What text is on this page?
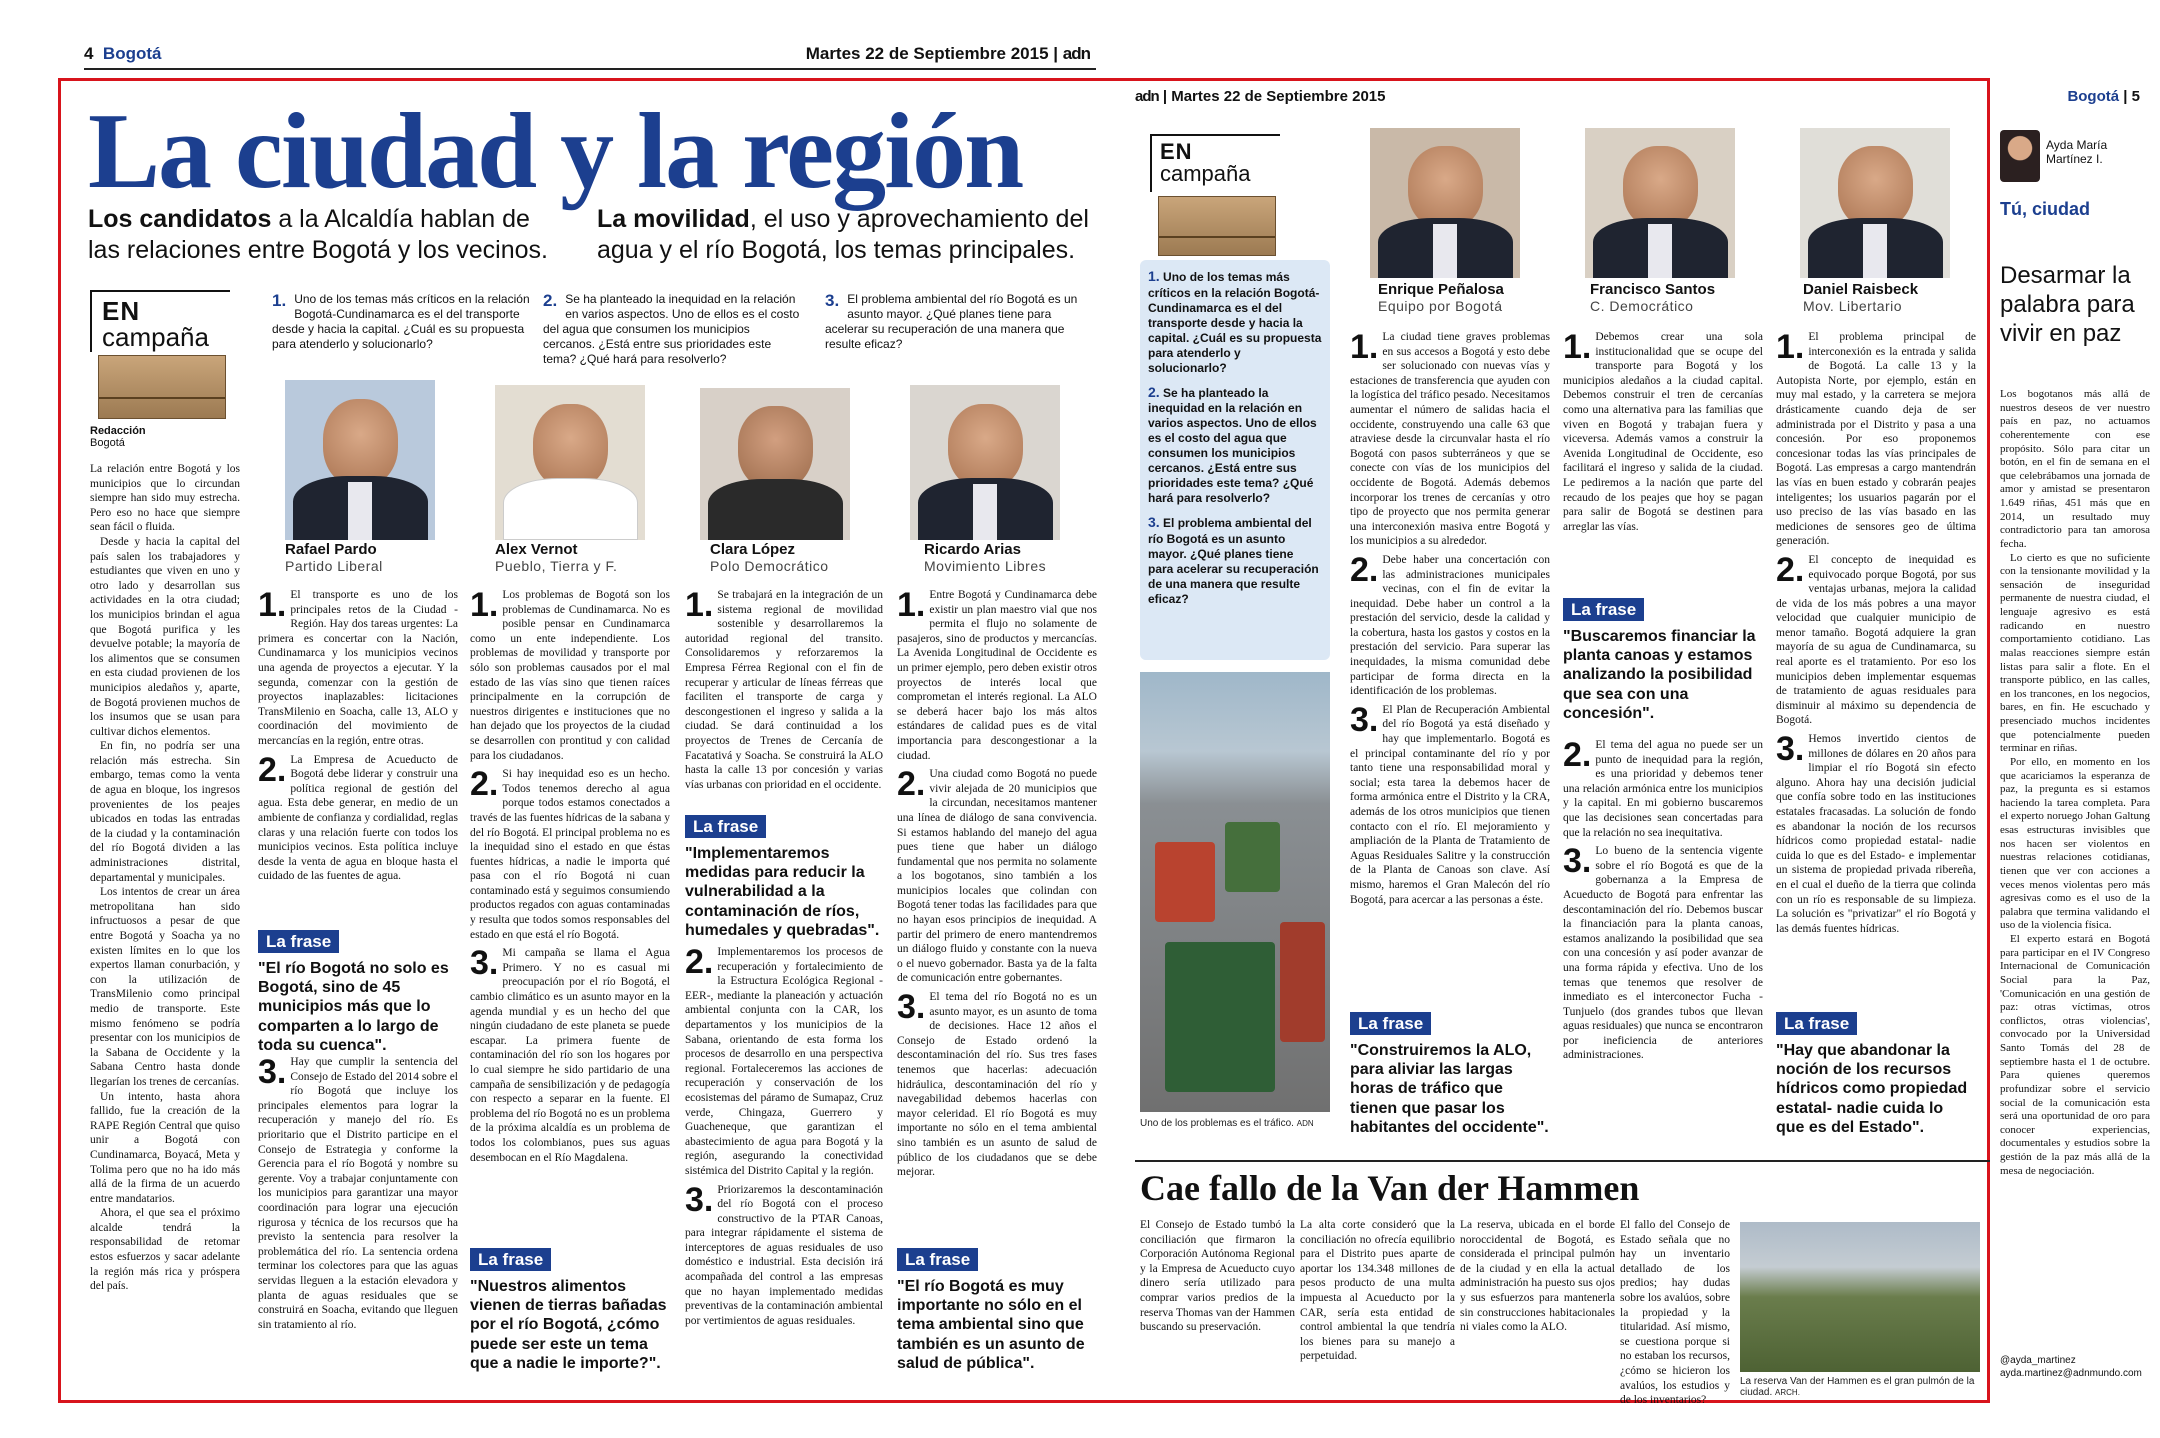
4 Bogotá	Martes 22 de Septiembre 2015 | adn
adn | Martes 22 de Septiembre 2015	Bogotá | 5
La ciudad y la región
Los candidatos a la Alcaldía hablan de las relaciones entre Bogotá y los vecinos.
La movilidad, el uso y aprovechamiento del agua y el río Bogotá, los temas principales.
EN
campaña
Redacción
Bogotá
1. Uno de los temas más críticos en la relación Bogotá-Cundinamarca es el del transporte desde y hacia la capital. ¿Cuál es su propuesta para atenderlo y solucionarlo?
2. Se ha planteado la inequidad en la relación en varios aspectos. Uno de ellos es el costo del agua que consumen los municipios cercanos. ¿Está entre sus prioridades este tema? ¿Qué hará para resolverlo?
3. El problema ambiental del río Bogotá es un asunto mayor. ¿Qué planes tiene para acelerar su recuperación de una manera que resulte eficaz?
Rafael Pardo
Partido Liberal
Alex Vernot
Pueblo, Tierra y F.
Clara López
Polo Democrático
Ricardo Arias
Movimiento Libres

La relación entre Bogotá y los municipios que lo circundan siempre han sido muy estrecha. Pero eso no hace que siempre sean fácil o fluida.

Desde y hacia la capital del país salen los trabajadores y estudiantes que viven en uno y otro lado y desarrollan sus actividades en la otra ciudad; los municipios brindan el agua que Bogotá purifica y les devuelve potable; la mayoría de los alimentos que se consumen en esta ciudad provienen de los municipios aledaños y, aparte, de Bogotá provienen muchos de los insumos que se usan para cultivar dichos elementos.

En fin, no podría ser una relación más estrecha. Sin embargo, temas como la venta de agua en bloque, los ingresos provenientes de los peajes ubicados en todas las entradas de la ciudad y la contaminación del río Bogotá dividen a las administraciones distrital, departamental y municipales.

Los intentos de crear un área metropolitana han sido infructuosos a pesar de que entre Bogotá y Soacha ya no existen límites en lo que los expertos llaman conurbación, y con la utilización de TransMilenio como principal medio de transporte. Este mismo fenómeno se podría presentar con los municipios de la Sabana de Occidente y la Sabana Centro hasta donde llegarían los trenes de cercanías.

Un intento, hasta ahora fallido, fue la creación de la RAPE Región Central que quiso unir a Bogotá con Cundinamarca, Boyacá, Meta y Tolima pero que no ha ido más allá de la firma de un acuerdo entre mandatarios.

Ahora, el que sea el próximo alcalde tendrá la responsabilidad de retomar estos esfuerzos y sacar adelante la región más rica y próspera del país.

1. El transporte es uno de los principales retos de la Ciudad - Región. Hay dos tareas urgentes: La primera es concertar con la Nación, Cundinamarca y los municipios vecinos una agenda de proyectos a ejecutar. Y la segunda, comenzar con la gestión de proyectos inaplazables: licitaciones TransMilenio en Soacha, calle 13, ALO y coordinación del movimiento de mercancías en la región, entre otras.

2. La Empresa de Acueducto de Bogotá debe liderar y construir una política regional de gestión del agua. Esta debe generar, en medio de un ambiente de confianza y cordialidad, reglas claras y una relación fuerte con todos los municipios vecinos. Esta política incluye desde la venta de agua en bloque hasta el cuidado de las fuentes de agua.

La frase
"El río Bogotá no solo es Bogotá, sino de 45 municipios más que lo comparten a lo largo de toda su cuenca".

3. Hay que cumplir la sentencia del Consejo de Estado del 2014 sobre el río Bogotá que incluye los principales elementos para lograr la recuperación y manejo del río. Es prioritario que el Distrito participe en el Consejo de Estrategia y conforme la Gerencia para el río Bogotá y nombre su gerente. Voy a trabajar conjuntamente con los municipios para garantizar una mayor coordinación para lograr una ejecución rigurosa y técnica de los recursos que ha previsto la sentencia para resolver la problemática del río. La sentencia ordena terminar los colectores para que las aguas servidas lleguen a la estación elevadora y planta de aguas residuales que se construirá en Soacha, evitando que lleguen sin tratamiento al río.

1. Los problemas de Bogotá son los problemas de Cundinamarca. No es posible pensar en Cundinamarca como un ente independiente. Los problemas de movilidad y transporte por sólo son problemas causados por el mal estado de las vías sino que tienen raíces principalmente en la corrupción de nuestros dirigentes e instituciones que no han dejado que los proyectos de la ciudad se desarrollen con prontitud y con calidad para los ciudadanos.

2. Si hay inequidad eso es un hecho. Todos tenemos derecho al agua porque todos estamos conectados a través de las fuentes hídricas de la sabana y del río Bogotá. El principal problema no es la inequidad sino el estado en que éstas fuentes hídricas, a nadie le importa qué pasa con el río Bogotá ni cuan contaminado está y seguimos consumiendo productos regados con aguas contaminadas y resulta que todos somos responsables del estado en que está el río Bogotá.

3. Mi campaña se llama el Agua Primero. Y no es casual mi preocupación por el río Bogotá, el cambio climático es un asunto mayor en la agenda mundial y es un hecho del que ningún ciudadano de este planeta se puede escapar. La primera fuente de contaminación del río son los hogares por lo cual siempre he sido partidario de una campaña de sensibilización y de pedagogía con respecto a separar en la fuente. El problema del río Bogotá no es un problema de la próxima alcaldía es un problema de todos los colombianos, pues sus aguas desembocan en el Río Magdalena.

La frase
"Nuestros alimentos vienen de tierras bañadas por el río Bogotá, ¿cómo puede ser este un tema que a nadie le importe?".

1. Se trabajará en la integración de un sistema regional de movilidad sostenible y desarrollaremos la autoridad regional del transito. Consolidaremos y reforzaremos la Empresa Férrea Regional con el fin de recuperar y articular de líneas férreas que faciliten el transporte de carga y descongestionen el ingreso y salida a la ciudad. Se dará continuidad a los proyectos de Trenes de Cercanía de Facatativá y Soacha. Se construirá la ALO hasta la calle 13 por concesión y varias vías urbanas con prioridad en el occidente.

La frase
"Implementaremos medidas para reducir la vulnerabilidad a la contaminación de ríos, humedales y quebradas".

2. Implementaremos los procesos de recuperación y fortalecimiento de la Estructura Ecológica Regional -EER-, mediante la planeación y actuación ambiental conjunta con la CAR, los departamentos y los municipios de la Sabana, orientando de esta forma los procesos de desarrollo en una perspectiva regional. Fortaleceremos las acciones de recuperación y conservación de los ecosistemas del páramo de Sumapaz, Cruz verde, Chingaza, Guerrero y Guacheneque, que garantizan el abastecimiento de agua para Bogotá y la región, asegurando la conectividad sistémica del Distrito Capital y la región.

3. Priorizaremos la descontaminación del río Bogotá con el proceso constructivo de la PTAR Canoas, para integrar rápidamente el sistema de interceptores de aguas residuales de uso doméstico e industrial. Esta decisión irá acompañada del control a las empresas que no hayan implementado medidas preventivas de la contaminación ambiental por vertimientos de aguas residuales.

1. Entre Bogotá y Cundinamarca debe existir un plan maestro vial que nos permita el flujo no solamente de pasajeros, sino de productos y mercancías. La Avenida Longitudinal de Occidente es un primer ejemplo, pero deben existir otros proyectos de interés local que comprometan el interés regional. La ALO se deberá hacer bajo los más altos estándares de calidad pues es de vital importancia para descongestionar a la ciudad.

2. Una ciudad como Bogotá no puede vivir alejada de 20 municipios que la circundan, necesitamos mantener una línea de diálogo de sana convivencia. Si estamos hablando del manejo del agua pues tiene que haber un diálogo fundamental que nos permita no solamente a los bogotanos, sino también a los municipios locales que colindan con Bogotá tener todas las facilidades para que no hayan esos principios de inequidad. A partir del primero de enero mantendremos un diálogo fluido y constante con la nueva o el nuevo gobernador. Basta ya de la falta de comunicación entre gobernantes.

3. El tema del río Bogotá no es un asunto mayor, es un asunto de toma de decisiones. Hace 12 años el Consejo de Estado ordenó la descontaminación del río. Sus tres fases tenemos que hacerlas: adecuación hidráulica, descontaminación del río y navegabilidad debemos hacerlas con mayor celeridad. El río Bogotá es muy importante no sólo en el tema ambiental sino también es un asunto de salud de público de los ciudadanos que se debe mejorar.

La frase
"El río Bogotá es muy importante no sólo en el tema ambiental sino que también es un asunto de salud de pública".
EN
campaña

1. Uno de los temas más críticos en la relación Bogotá-Cundinamarca es el del transporte desde y hacia la capital. ¿Cuál es su propuesta para atenderlo y solucionarlo?

2. Se ha planteado la inequidad en la relación en varios aspectos. Uno de ellos es el costo del agua que consumen los municipios cercanos. ¿Está entre sus prioridades este tema? ¿Qué hará para resolverlo?

3. El problema ambiental del río Bogotá es un asunto mayor. ¿Qué planes tiene para acelerar su recuperación de una manera que resulte eficaz?

Uno de los problemas es el tráfico. ADN
Enrique Peñalosa
Equipo por Bogotá
Francisco Santos
C. Democrático
Daniel Raisbeck
Mov. Libertario

1. La ciudad tiene graves problemas en sus accesos a Bogotá y esto debe ser solucionado con nuevas vías y estaciones de transferencia que ayuden con la logística del tráfico pesado. Necesitamos aumentar el número de salidas hacia el occidente, construyendo una calle 63 que atraviese desde la circunvalar hasta el río Bogotá con pasos subterráneos y que se conecte con vías de los municipios del occidente de Bogotá. Además debemos incorporar los trenes de cercanías y otro tipo de proyecto que nos permita generar una interconexión masiva entre Bogotá y los municipios a su alrededor.

2. Debe haber una concertación con las administraciones municipales vecinas, con el fin de evitar la inequidad. Debe haber un control a la prestación del servicio, desde la calidad y la cobertura, hasta los gastos y costos en la prestación del servicio. Para superar las inequidades, la misma comunidad debe participar de forma directa en la identificación de los problemas.

3. El Plan de Recuperación Ambiental del río Bogotá ya está diseñado y hay que implementarlo. Bogotá es el principal contaminante del río y por tanto tiene una responsabilidad moral y social; esta tarea la debemos hacer de forma armónica entre el Distrito y la CRA, además de los otros municipios que tienen contacto con el río. El mejoramiento y ampliación de la Planta de Tratamiento de Aguas Residuales Salitre y la construcción de la Planta de Canoas son clave. Así mismo, haremos el Gran Malecón del río Bogotá, para acercar a las personas a éste.

La frase
"Construiremos la ALO, para aliviar las largas horas de tráfico que tienen que pasar los habitantes del occidente".

1. Debemos crear una sola institucionalidad que se ocupe del transporte para Bogotá y los municipios aledaños a la ciudad capital. Debemos construir el tren de cercanías como una alternativa para las familias que viven en Bogotá y trabajan fuera y viceversa. Además vamos a construir la Avenida Longitudinal de Occidente, eso facilitará el ingreso y salida de la ciudad. Le pediremos a la nación que parte del recaudo de los peajes que hoy se pagan para salir de Bogotá se destinen para arreglar las vías.

La frase
"Buscaremos financiar la planta canoas y estamos analizando la posibilidad que sea con una concesión".

2. El tema del agua no puede ser un punto de inequidad para la región, es una prioridad y debemos tener una relación armónica entre los municipios y la capital. En mi gobierno buscaremos que las decisiones sean concertadas para que la relación no sea inequitativa.

3. Lo bueno de la sentencia vigente sobre el río Bogotá es que de la gobernanza a la Empresa de Acueducto de Bogotá para enfrentar las descontaminación del río. Debemos buscar la financiación para la planta canoas, estamos analizando la posibilidad que sea con una concesión y así poder avanzar de una forma rápida y efectiva. Uno de los temas que tenemos que resolver de inmediato es el interconector Fucha - Tunjuelo (dos grandes tubos que llevan aguas residuales) que nunca se encontraron por ineficiencia de anteriores administraciones.

1. El problema principal de interconexión es la entrada y salida de Bogotá. La calle 13 y la Autopista Norte, por ejemplo, están en muy mal estado, y la carretera se mejora drásticamente cuando deja de ser administrada por el Distrito y pasa a una concesión. Por eso proponemos concesionar todas las vías principales de Bogotá. Las empresas a cargo mantendrán las vías en buen estado y cobrarán peajes inteligentes; los usuarios pagarán por el uso preciso de las vías basado en las mediciones de sensores geo de última generación.

2. El concepto de inequidad es equivocado porque Bogotá, por sus ventajas urbanas, mejora la calidad de vida de los más pobres a una mayor velocidad que cualquier municipio de menor tamaño. Bogotá adquiere la gran mayoría de su agua de Cundinamarca, su real aporte es el tratamiento. Por eso los municipios deben implementar esquemas de tratamiento de aguas residuales para disminuir al máximo su dependencia de Bogotá.

3. Hemos invertido cientos de millones de dólares en 20 años para limpiar el río Bogotá sin efecto alguno. Ahora hay una decisión judicial que confía sobre todo en las instituciones estatales fracasadas. La solución de fondo es abandonar la noción de los recursos hídricos como propiedad estatal- nadie cuida lo que es del Estado- e implementar un sistema de propiedad privada ribereña, en el cual el dueño de la tierra que colinda con un río es responsable de su limpieza. La solución es "privatizar" el río Bogotá y las demás fuentes hídricas.

La frase
"Hay que abandonar la noción de los recursos hídricos como propiedad estatal- nadie cuida lo que es del Estado".
Cae fallo de la Van der Hammen

El Consejo de Estado tumbó la conciliación que firmaron la Corporación Autónoma Regional y la Empresa de Acueducto cuyo dinero sería utilizado para comprar varios predios de la reserva Thomas van der Hammen buscando su preservación.

La alta corte consideró que la conciliación no ofrecía equilibrio para el Distrito pues aparte de aportar los 134.348 millones de pesos producto de una multa impuesta al Acueducto por la CAR, sería esta entidad de control ambiental la que tendría los bienes para su manejo a perpetuidad.

La reserva, ubicada en el borde noroccidental de Bogotá, es considerada el principal pulmón de la ciudad y en ella la actual administración ha puesto sus ojos y sus esfuerzos para mantenerla sin construcciones habitacionales ni viales como la ALO.

El fallo del Consejo de Estado señala que no hay un inventario detallado de los predios; hay dudas sobre los avalúos, sobre la propiedad y la titularidad. Así mismo, se cuestiona porque si no estaban los recursos, ¿cómo se hicieron los avalúos, los estudios y de los inventarios?

La reserva Van der Hammen es el gran pulmón de la ciudad. ARCH.
Ayda María Martínez I.
Tú, ciudad
Desarmar la palabra para vivir en paz

Los bogotanos más allá de nuestros deseos de ver nuestro país en paz, no actuamos coherentemente con ese propósito. Sólo para citar un botón, en el fin de semana en el que celebrábamos una jornada de amor y amistad se presentaron 1.649 riñas, 451 más que en 2014, un resultado muy contradictorio para tan amorosa fecha.

Lo cierto es que no suficiente con la tensionante movilidad y la sensación de inseguridad permanente de nuestra ciudad, el lenguaje agresivo es está radicando en nuestro comportamiento cotidiano. Las malas reacciones siempre están listas para salir a flote. En el transporte público, en las calles, en los trancones, en los negocios, bares, en fin. He escuchado y presenciado muchos incidentes que potencialmente pueden terminar en riñas.

Por ello, en momento en los que acariciamos la esperanza de paz, la pregunta es si estamos haciendo la tarea completa. Para el experto noruego Johan Galtung esas estructuras invisibles que nos hacen ser violentos en nuestras relaciones cotidianas, tienen que ver con acciones a veces menos violentas pero más agresivas como es el uso de la palabra que termina validando el uso de la violencia física.

El experto estará en Bogotá para participar en el IV Congreso Internacional de Comunicación Social para la Paz, 'Comunicación en una gestión de paz: otras víctimas, otros conflictos, otras violencias', convocado por la Universidad Santo Tomás del 28 de septiembre hasta el 1 de octubre. Para quienes queremos profundizar sobre el servicio social de la comunicación esta será una oportunidad de oro para conocer experiencias, documentales y estudios sobre la gestión de la paz más allá de la mesa de negociación.

@ayda_martinez
ayda.martinez@adnmundo.com
